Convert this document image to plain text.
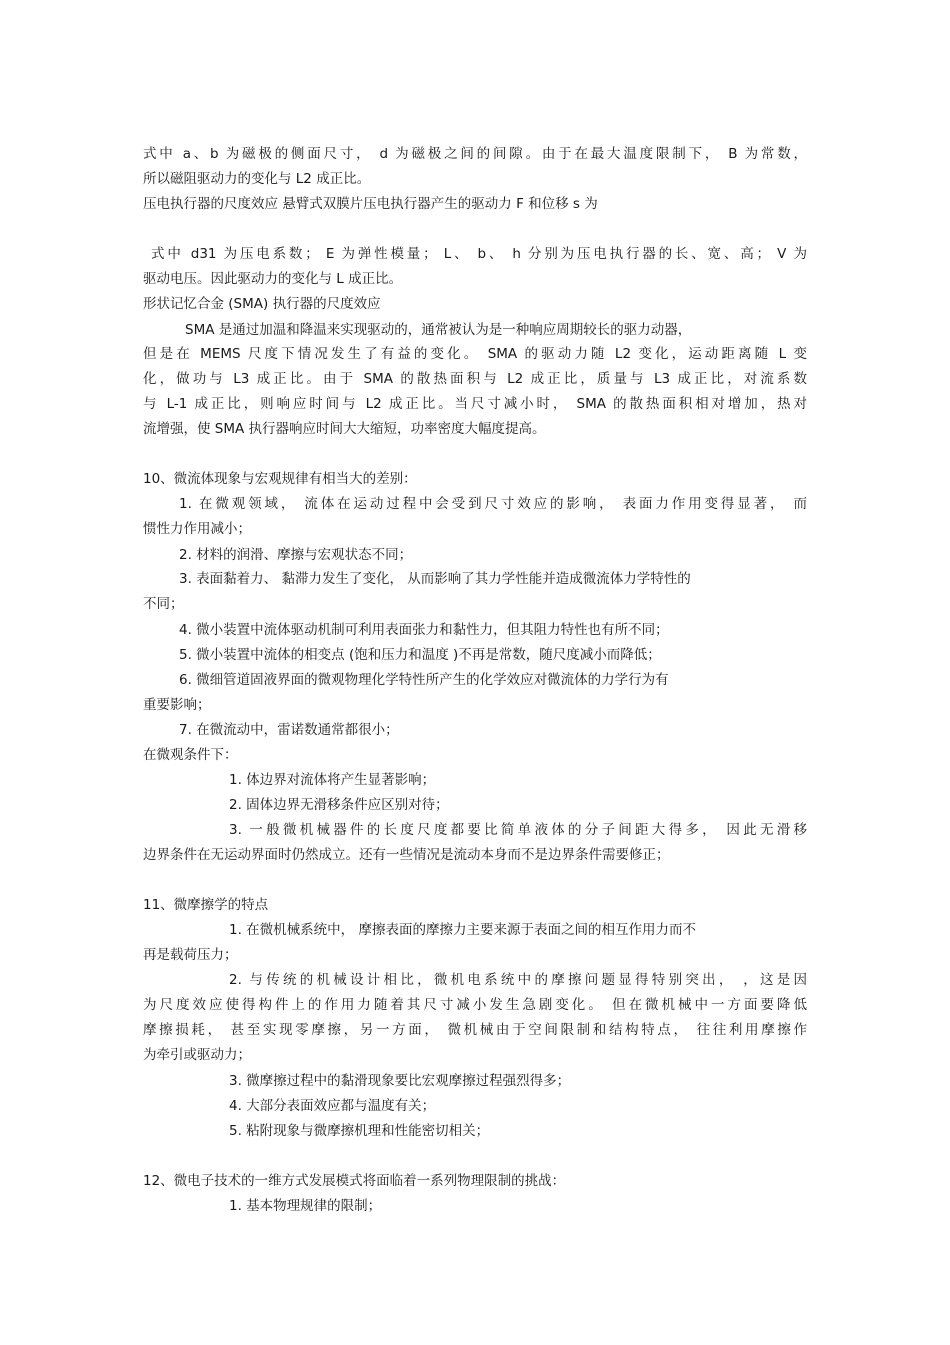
式中 a、b 为磁极的侧面尺寸， d 为磁极之间的间隙。由于在最大温度限制下， B 为常数，
所以磁阻驱动力的变化与 L2 成正比。
压电执行器的尺度效应 悬臂式双膜片压电执行器产生的驱动力 F 和位移 s 为
式中 d31 为压电系数； E 为弹性模量； L、 b、 h 分别为压电执行器的长、宽、高； V 为
驱动电压。因此驱动力的变化与 L 成正比。
形状记忆合金 (SMA) 执行器的尺度效应
SMA 是通过加温和降温来实现驱动的，通常被认为是一种响应周期较长的驱力动器，
但是在 MEMS 尺度下情况发生了有益的变化。 SMA 的驱动力随 L2 变化，运动距离随 L 变
化，做功与 L3 成正比。由于 SMA 的散热面积与 L2 成正比，质量与 L3 成正比，对流系数
与 L-1 成正比，则响应时间与 L2 成正比。当尺寸减小时， SMA 的散热面积相对增加，热对
流增强，使 SMA 执行器响应时间大大缩短，功率密度大幅度提高。
10、微流体现象与宏观规律有相当大的差别：
1. 在微观领域， 流体在运动过程中会受到尺寸效应的影响， 表面力作用变得显著， 而
惯性力作用减小；
2. 材料的润滑、摩擦与宏观状态不同；
3. 表面黏着力、 黏滞力发生了变化， 从而影响了其力学性能并造成微流体力学特性的
不同；
4. 微小装置中流体驱动机制可利用表面张力和黏性力，但其阻力特性也有所不同；
5. 微小装置中流体的相变点 (饱和压力和温度 )不再是常数，随尺度减小而降低；
6. 微细管道固液界面的微观物理化学特性所产生的化学效应对微流体的力学行为有
重要影响；
7. 在微流动中，雷诺数通常都很小；
在微观条件下：
1. 体边界对流体将产生显著影响；
2. 固体边界无滑移条件应区别对待；
3. 一般微机械器件的长度尺度都要比简单液体的分子间距大得多， 因此无滑移
边界条件在无运动界面时仍然成立。还有一些情况是流动本身而不是边界条件需要修正；
11、微摩擦学的特点
1. 在微机械系统中， 摩擦表面的摩擦力主要来源于表面之间的相互作用力而不
再是载荷压力；
2. 与传统的机械设计相比，微机电系统中的摩擦问题显得特别突出， ，这是因
为尺度效应使得构件上的作用力随着其尺寸减小发生急剧变化。 但在微机械中一方面要降低
摩擦损耗， 甚至实现零摩擦，另一方面， 微机械由于空间限制和结构特点， 往往利用摩擦作
为牵引或驱动力；
3. 微摩擦过程中的黏滑现象要比宏观摩擦过程强烈得多；
4. 大部分表面效应都与温度有关；
5. 粘附现象与微摩擦机理和性能密切相关；
12、微电子技术的一维方式发展模式将面临着一系列物理限制的挑战：
1. 基本物理规律的限制；
